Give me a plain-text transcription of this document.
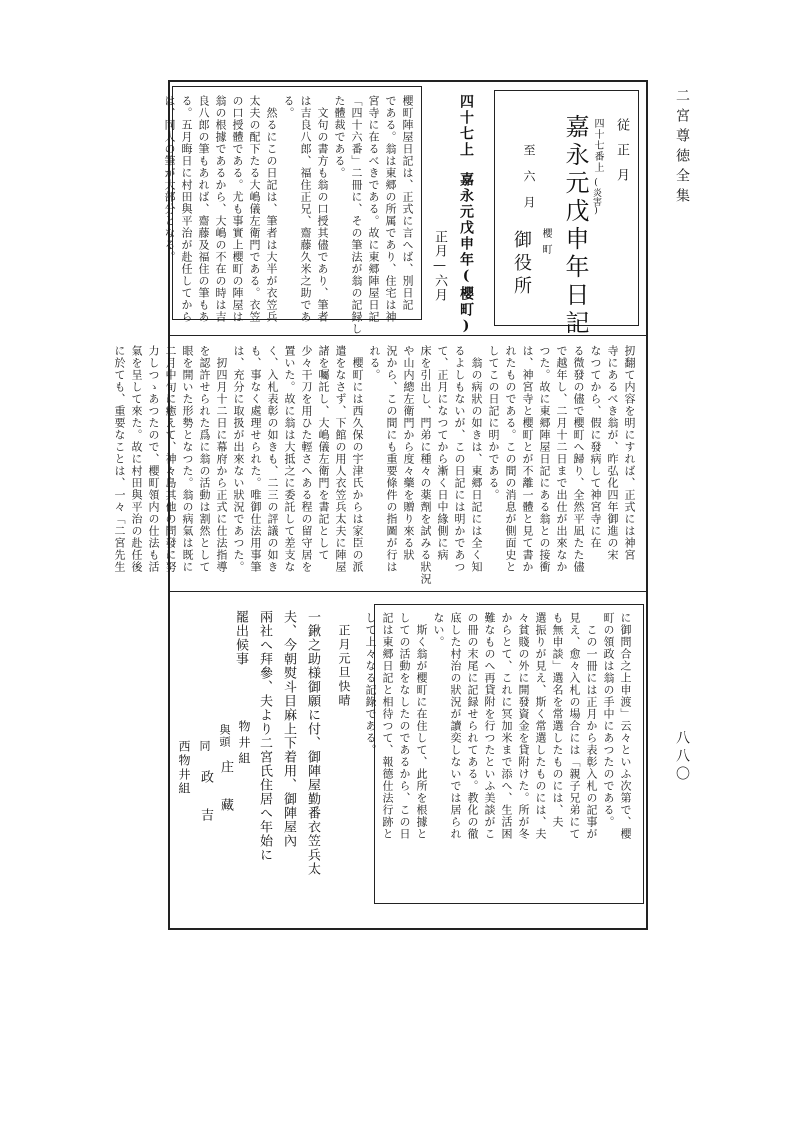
二宮尊徳全集
八八〇
従正月
四十七番上
(炎害)
嘉永元戊申年日記
至六月
櫻町
御役所
四十七上
嘉永元戊申年(櫻町)
正月—六月
櫻町陣屋日記は、正式に言へば、別日記
である。翁は東郷の所属であり、住宅は神
宮寺に在るべきである。故に東郷陣屋日記
「四十六番」二冊に、その筆法が翁の記録し
た體裁である。
　文句の書方も翁の口授其儘であり、筆者
は吉良八郎、福住正兄、齋藤久米之助であ
る。
　然るにこの日記は、筆者は大半が衣笠兵
太夫の配下たる大嶋儀左衛門である。衣笠
の口授體である。尤も事實上櫻町の陣屋は
翁の根據であるから、大嶋の不在の時は吉
良八郎の筆もあれば、齋藤及福住の筆もあ
る。五月晦日に村田與平治が赴任してから
は、同人の筆が大部分となる。
扨翻て内容を明にすれば、正式には神宮
寺にあるべき翁が、昨弘化四年御進の宋
なつてから、假に發病して神宮寺に在
る微發の儘で櫻町へ歸り、全然平凪たた儘
で越年し、二月十二日まで出仕が出來なか
つた。故に東郷陣屋日記にある翁との接衝
は、神宮寺と櫻町とが不離一體と見て書か
れたものである。この間の消息が側面史と
してこの日記に明かである。
　翁の病狀の如きは、東郷日記には全く知
るよしもないが、この日記には明かであつ
て、正月になつてから漸く日中緣側に病
床を引出し、門弟に種々の薬劑を試みる狀況
や山内總左衛門から度々藥を贈り來る狀
況から、この間にも重要條件の指圖が行は
れる。
　櫻町には西久保の宇津氏からは家臣の派
遣をなさず、下館の用人衣笠兵太夫に陣屋
諸を囑託し、大嶋儀左衛門を書記として
少々干刀を用ひた輕さへある程の留守居を
置いた。故に翁は大抵之に委託して差支な
く、入札表彰の如きも、二三の評議の如き
も、事なく處理せられた。唯御仕法用事筆
は、充分に取扱が出來ない狀況であつた。
　扨四月十二日に幕府から正式に仕法指導
を認許せられた爲に翁の活動は割然として
眼を開いた形勢となつた。翁の病氣は既に
二月中旬に癒えて、神々島其他の問發に努
力しつゝあつたので、櫻町領内の仕法も活
氣を呈して來た。故に村田與平治の赴任後
に於ても、重要なことは、一々「二宮先生
に御問合之上申渡」云々といふ次第で、櫻
町の領政は翁の手中にあつたのである。
　この一冊には正月から表彰入札の記事が
見え、愈々入札の場合には「親子兄弟にて
も無申談」選名を常選したものには、夫
選振りが見え、斯く常選したものには、夫
々貧賤の外に開發資金を貸附けた。所が冬
からとて、これに冥加米まで添へ、生活困
難なものへ再貸附を行つたといふ美談がこ
の冊の末尾に記録せられてある。教化の徹
底した村治の狀況が讀奕しないでは居られ
ない。
　斯く翁が櫻町に在住して、此所を根據と
しての活動をなしたのであるから、この日
記は東郷日記と相待つて、報德仕法行跡と
して上々なる記錄である。
正月元旦快晴
一鍬之助様御願に付、御陣屋勤番衣笠兵太
夫、今朝熨斗目麻上下着用、御陣屋內
兩社へ拜參、夫より二宮氏住居へ年始に
罷出候事
物井組
與頭
庄　藏
同
政　吉
西物井組
